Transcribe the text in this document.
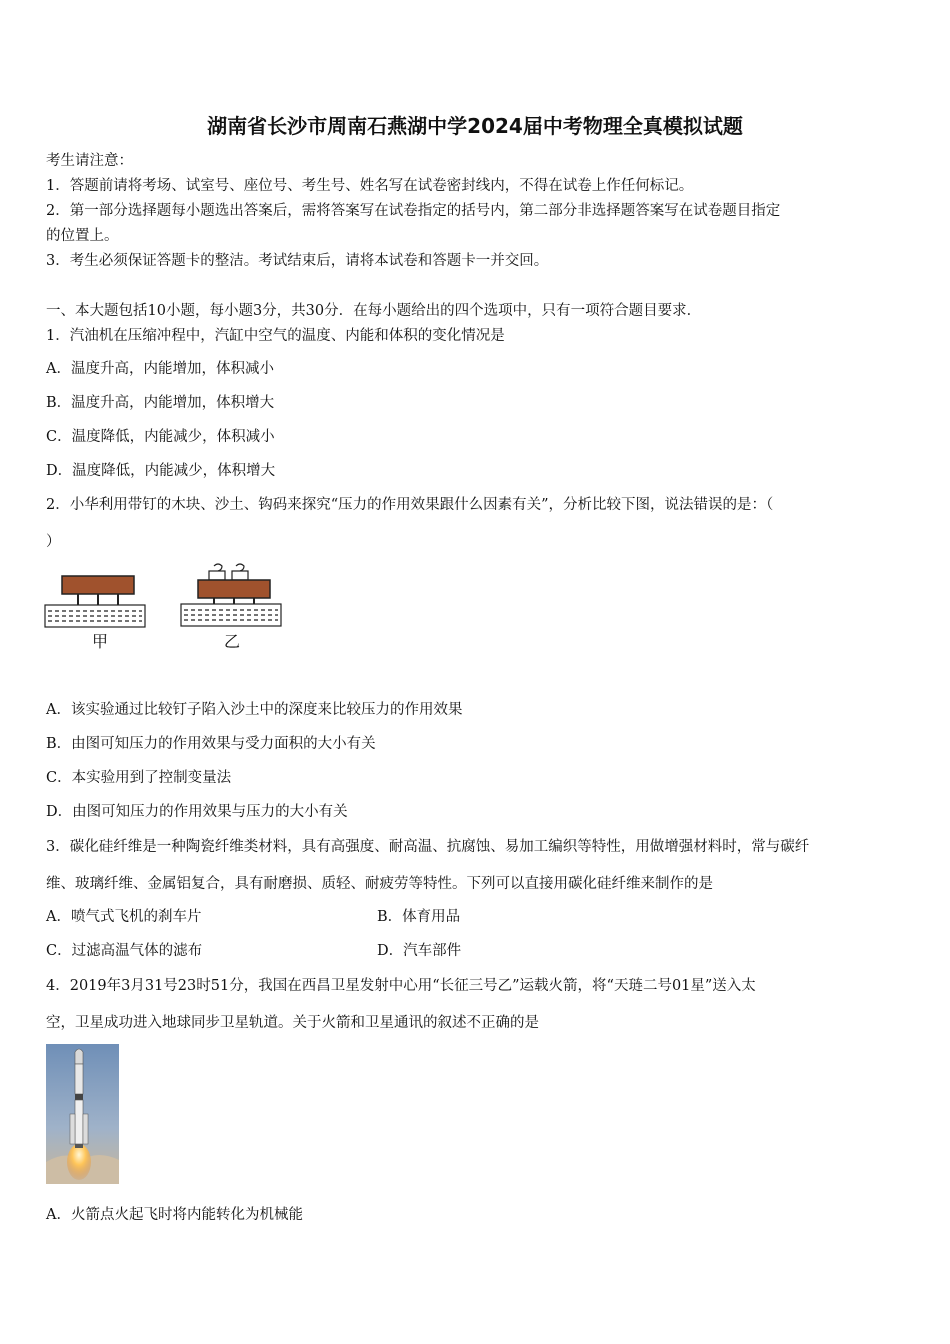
湖南省长沙市周南石燕湖中学2024届中考物理全真模拟试题
考生请注意：
1．答题前请将考场、试室号、座位号、考生号、姓名写在试卷密封线内，不得在试卷上作任何标记。
2．第一部分选择题每小题选出答案后，需将答案写在试卷指定的括号内，第二部分非选择题答案写在试卷题目指定
的位置上。
3．考生必须保证答题卡的整洁。考试结束后，请将本试卷和答题卡一并交回。
一、本大题包括10小题，每小题3分，共30分．在每小题给出的四个选项中，只有一项符合题目要求．
1．汽油机在压缩冲程中，汽缸中空气的温度、内能和体积的变化情况是
A．温度升高，内能增加，体积减小
B．温度升高，内能增加，体积增大
C．温度降低，内能减少，体积减小
D．温度降低，内能减少，体积增大
2．小华利用带钉的木块、沙土、钩码来探究“压力的作用效果跟什么因素有关”，分析比较下图，说法错误的是：（
）
甲	乙
A．该实验通过比较钉子陷入沙土中的深度来比较压力的作用效果
B．由图可知压力的作用效果与受力面积的大小有关
C．本实验用到了控制变量法
D．由图可知压力的作用效果与压力的大小有关
3．碳化硅纤维是一种陶瓷纤维类材料，具有高强度、耐高温、抗腐蚀、易加工编织等特性，用做增强材料时，常与碳纤
维、玻璃纤维、金属铝复合，具有耐磨损、质轻、耐疲劳等特性。下列可以直接用碳化硅纤维来制作的是
A．喷气式飞机的刹车片	B．体育用品
C．过滤高温气体的滤布	D．汽车部件
4．2019年3月31号23时51分，我国在西昌卫星发射中心用“长征三号乙”运载火箭，将“天琏二号01星”送入太
空，卫星成功进入地球同步卫星轨道。关于火箭和卫星通讯的叙述不正确的是
A．火箭点火起飞时将内能转化为机械能
